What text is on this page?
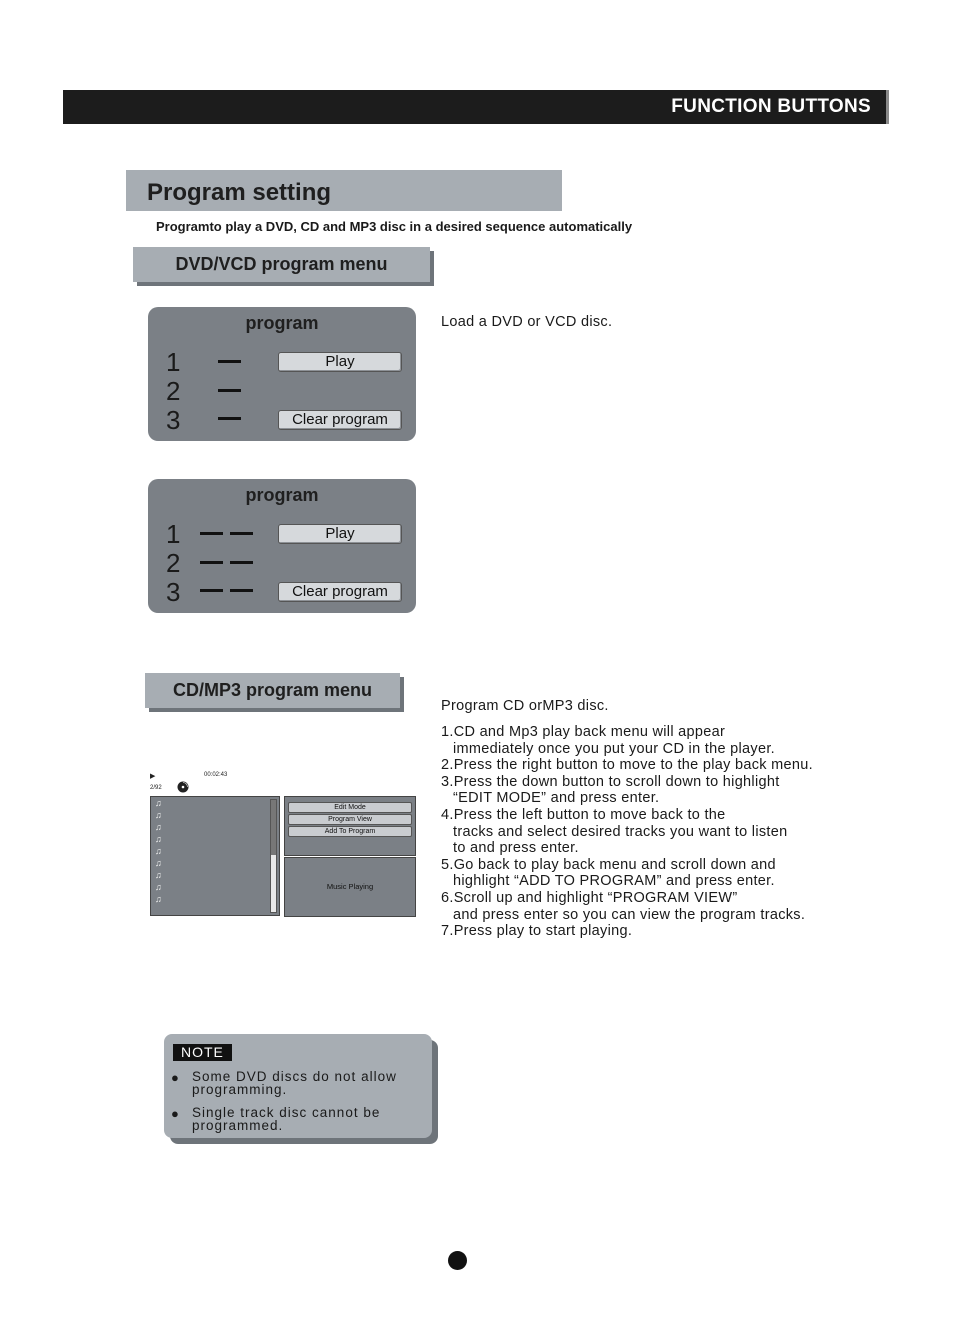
FUNCTION BUTTONS
Program setting
Programto play a DVD, CD and MP3 disc in a desired sequence automatically
DVD/VCD program menu
Load a DVD or VCD disc.
program
1
2
3
Play
Clear program
program
1
2
3
Play
Clear program
CD/MP3 program menu
Program CD orMP3 disc.
1.CD and Mp3 play back menu will appear
immediately once you put your CD in the player.
2.Press the right button to move to the play back menu.
3.Press the down button to scroll down to highlight
“EDIT MODE” and press enter.
4.Press the left button to move back to the
tracks and select desired tracks you want to listen
to and press enter.
5.Go back to play back menu and scroll down and
highlight “ADD TO PROGRAM” and press enter.
6.Scroll up and highlight “PROGRAM VIEW”
and press enter so you can view the program tracks.
7.Press play to start playing.
▶	00:02:43
2/92
♫
♫
♫
♫
♫
♫
♫
♫
♫
Edit Mode
Program View
Add To Program
Music Playing
NOTE
● Some DVD discs do not allow programming.
● Single track disc cannot be programmed.
